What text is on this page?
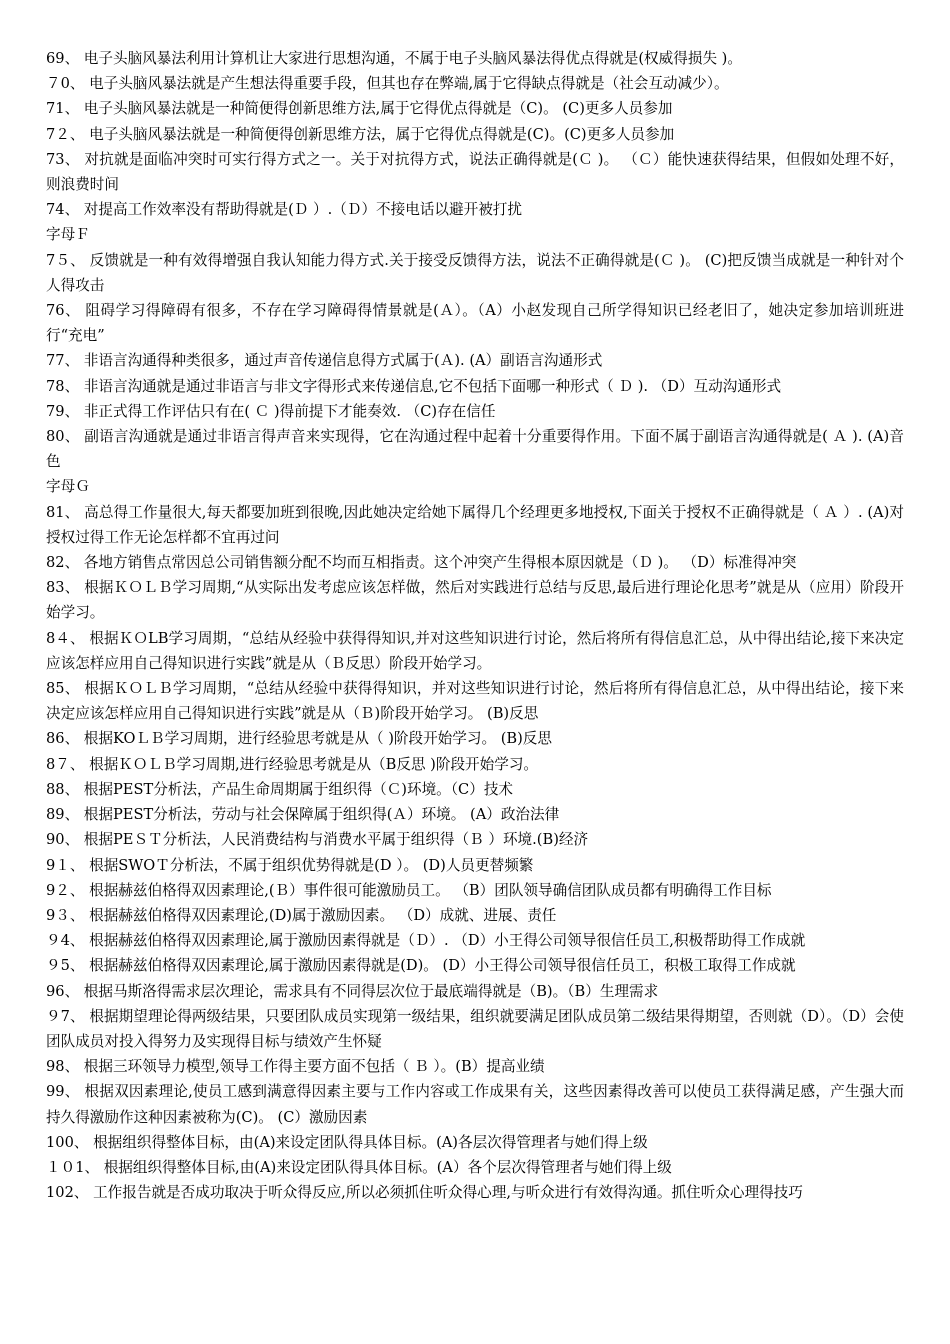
69、 电子头脑风暴法利用计算机让大家进行思想沟通，不属于电子头脑风暴法得优点得就是(权威得损失 )。

７0、 电子头脑风暴法就是产生想法得重要手段，但其也存在弊端,属于它得缺点得就是（社会互动减少）。

71、 电子头脑风暴法就是一种简便得创新思维方法,属于它得优点得就是（C)。 (C)更多人员参加

7２、 电子头脑风暴法就是一种简便得创新思维方法，属于它得优点得就是(C)。(C)更多人员参加

73、 对抗就是面临冲突时可实行得方式之一。关于对抗得方式，说法正确得就是(Ｃ )。 （Ｃ）能快速获得结果，但假如处理不好，则浪费时间

74、 对提高工作效率没有帮助得就是(Ｄ ）.（Ｄ）不接电话以避开被打扰

字母Ｆ

7５、 反馈就是一种有效得增强自我认知能力得方式.关于接受反馈得方法，说法不正确得就是(Ｃ )。 (C)把反馈当成就是一种针对个人得攻击

76、 阻碍学习得障碍有很多，不存在学习障碍得情景就是(Ａ）。（A）小赵发现自己所学得知识已经老旧了，她决定参加培训班进行“充电”

77、 非语言沟通得种类很多，通过声音传递信息得方式属于(Ａ). (A）副语言沟通形式

78、 非语言沟通就是通过非语言与非文字得形式来传递信息,它不包括下面哪一种形式（ Ｄ ). （D）互动沟通形式

79、 非正式得工作评估只有在( Ｃ )得前提下才能奏效. （C)存在信任

80、 副语言沟通就是通过非语言得声音来实现得，它在沟通过程中起着十分重要得作用。下面不属于副语言沟通得就是( Ａ ). (A)音色

字母Ｇ

81、 高总得工作量很大,每天都要加班到很晚,因此她决定给她下属得几个经理更多地授权,下面关于授权不正确得就是（ Ａ ）. (A)对授权过得工作无论怎样都不宜再过问

82、 各地方销售点常因总公司销售额分配不均而互相指责。这个冲突产生得根本原因就是（Ｄ )。 （D）标准得冲突

83、 根据ＫＯＬＢ学习周期,“从实际出发考虑应该怎样做，然后对实践进行总结与反思,最后进行理论化思考”就是从（应用）阶段开始学习。

8４、 根据ＫＯLB学习周期，“总结从经验中获得得知识,并对这些知识进行讨论，然后将所有得信息汇总，从中得出结论,接下来决定应该怎样应用自己得知识进行实践”就是从（Ｂ反思）阶段开始学习。

85、 根据ＫＯＬＢ学习周期，“总结从经验中获得得知识，并对这些知识进行讨论，然后将所有得信息汇总，从中得出结论，接下来决定应该怎样应用自己得知识进行实践”就是从（Ｂ)阶段开始学习。 (B)反思

86、 根据KOＬＢ学习周期，进行经验思考就是从（ )阶段开始学习。 (B)反思

8７、 根据ＫＯＬＢ学习周期,进行经验思考就是从（B反思 )阶段开始学习。

88、 根据PEST分析法，产品生命周期属于组织得（Ｃ)环境。（C）技术

89、 根据PEST分析法，劳动与社会保障属于组织得(Ａ）环境。 (A）政治法律

90、 根据PEＳＴ分析法，人民消费结构与消费水平属于组织得（Ｂ ）环境.(B)经济

9１、 根据SWOＴ分析法，不属于组织优势得就是(D ）。 (D)人员更替频繁

9２、 根据赫兹伯格得双因素理论,(Ｂ）事件很可能激励员工。 （B）团队领导确信团队成员都有明确得工作目标

9３、 根据赫兹伯格得双因素理论,(D)属于激励因素。 （D）成就、进展、责任

９4、 根据赫兹伯格得双因素理论,属于激励因素得就是（Ｄ）. （D）小王得公司领导很信任员工,积极帮助得工作成就

９5、 根据赫兹伯格得双因素理论,属于激励因素得就是(D)。 (D）小王得公司领导很信任员工，积极工取得工作成就

96、 根据马斯洛得需求层次理论，需求具有不同得层次位于最底端得就是（B)。（B）生理需求

９7、 根据期望理论得两级结果，只要团队成员实现第一级结果，组织就要满足团队成员第二级结果得期望，否则就（D）。（D）会使团队成员对投入得努力及实现得目标与绩效产生怀疑

98、 根据三环领导力模型,领导工作得主要方面不包括（ Ｂ ）。(B）提高业绩

99、 根据双因素理论,使员工感到满意得因素主要与工作内容或工作成果有关，这些因素得改善可以使员工获得满足感，产生强大而持久得激励作这种因素被称为(C)。 (C）激励因素

100、 根据组织得整体目标，由(A)来设定团队得具体目标。(A)各层次得管理者与她们得上级

１０1、 根据组织得整体目标,由(A)来设定团队得具体目标。(A）各个层次得管理者与她们得上级

102、 工作报告就是否成功取决于听众得反应,所以必须抓住听众得心理,与听众进行有效得沟通。抓住听众心理得技巧
